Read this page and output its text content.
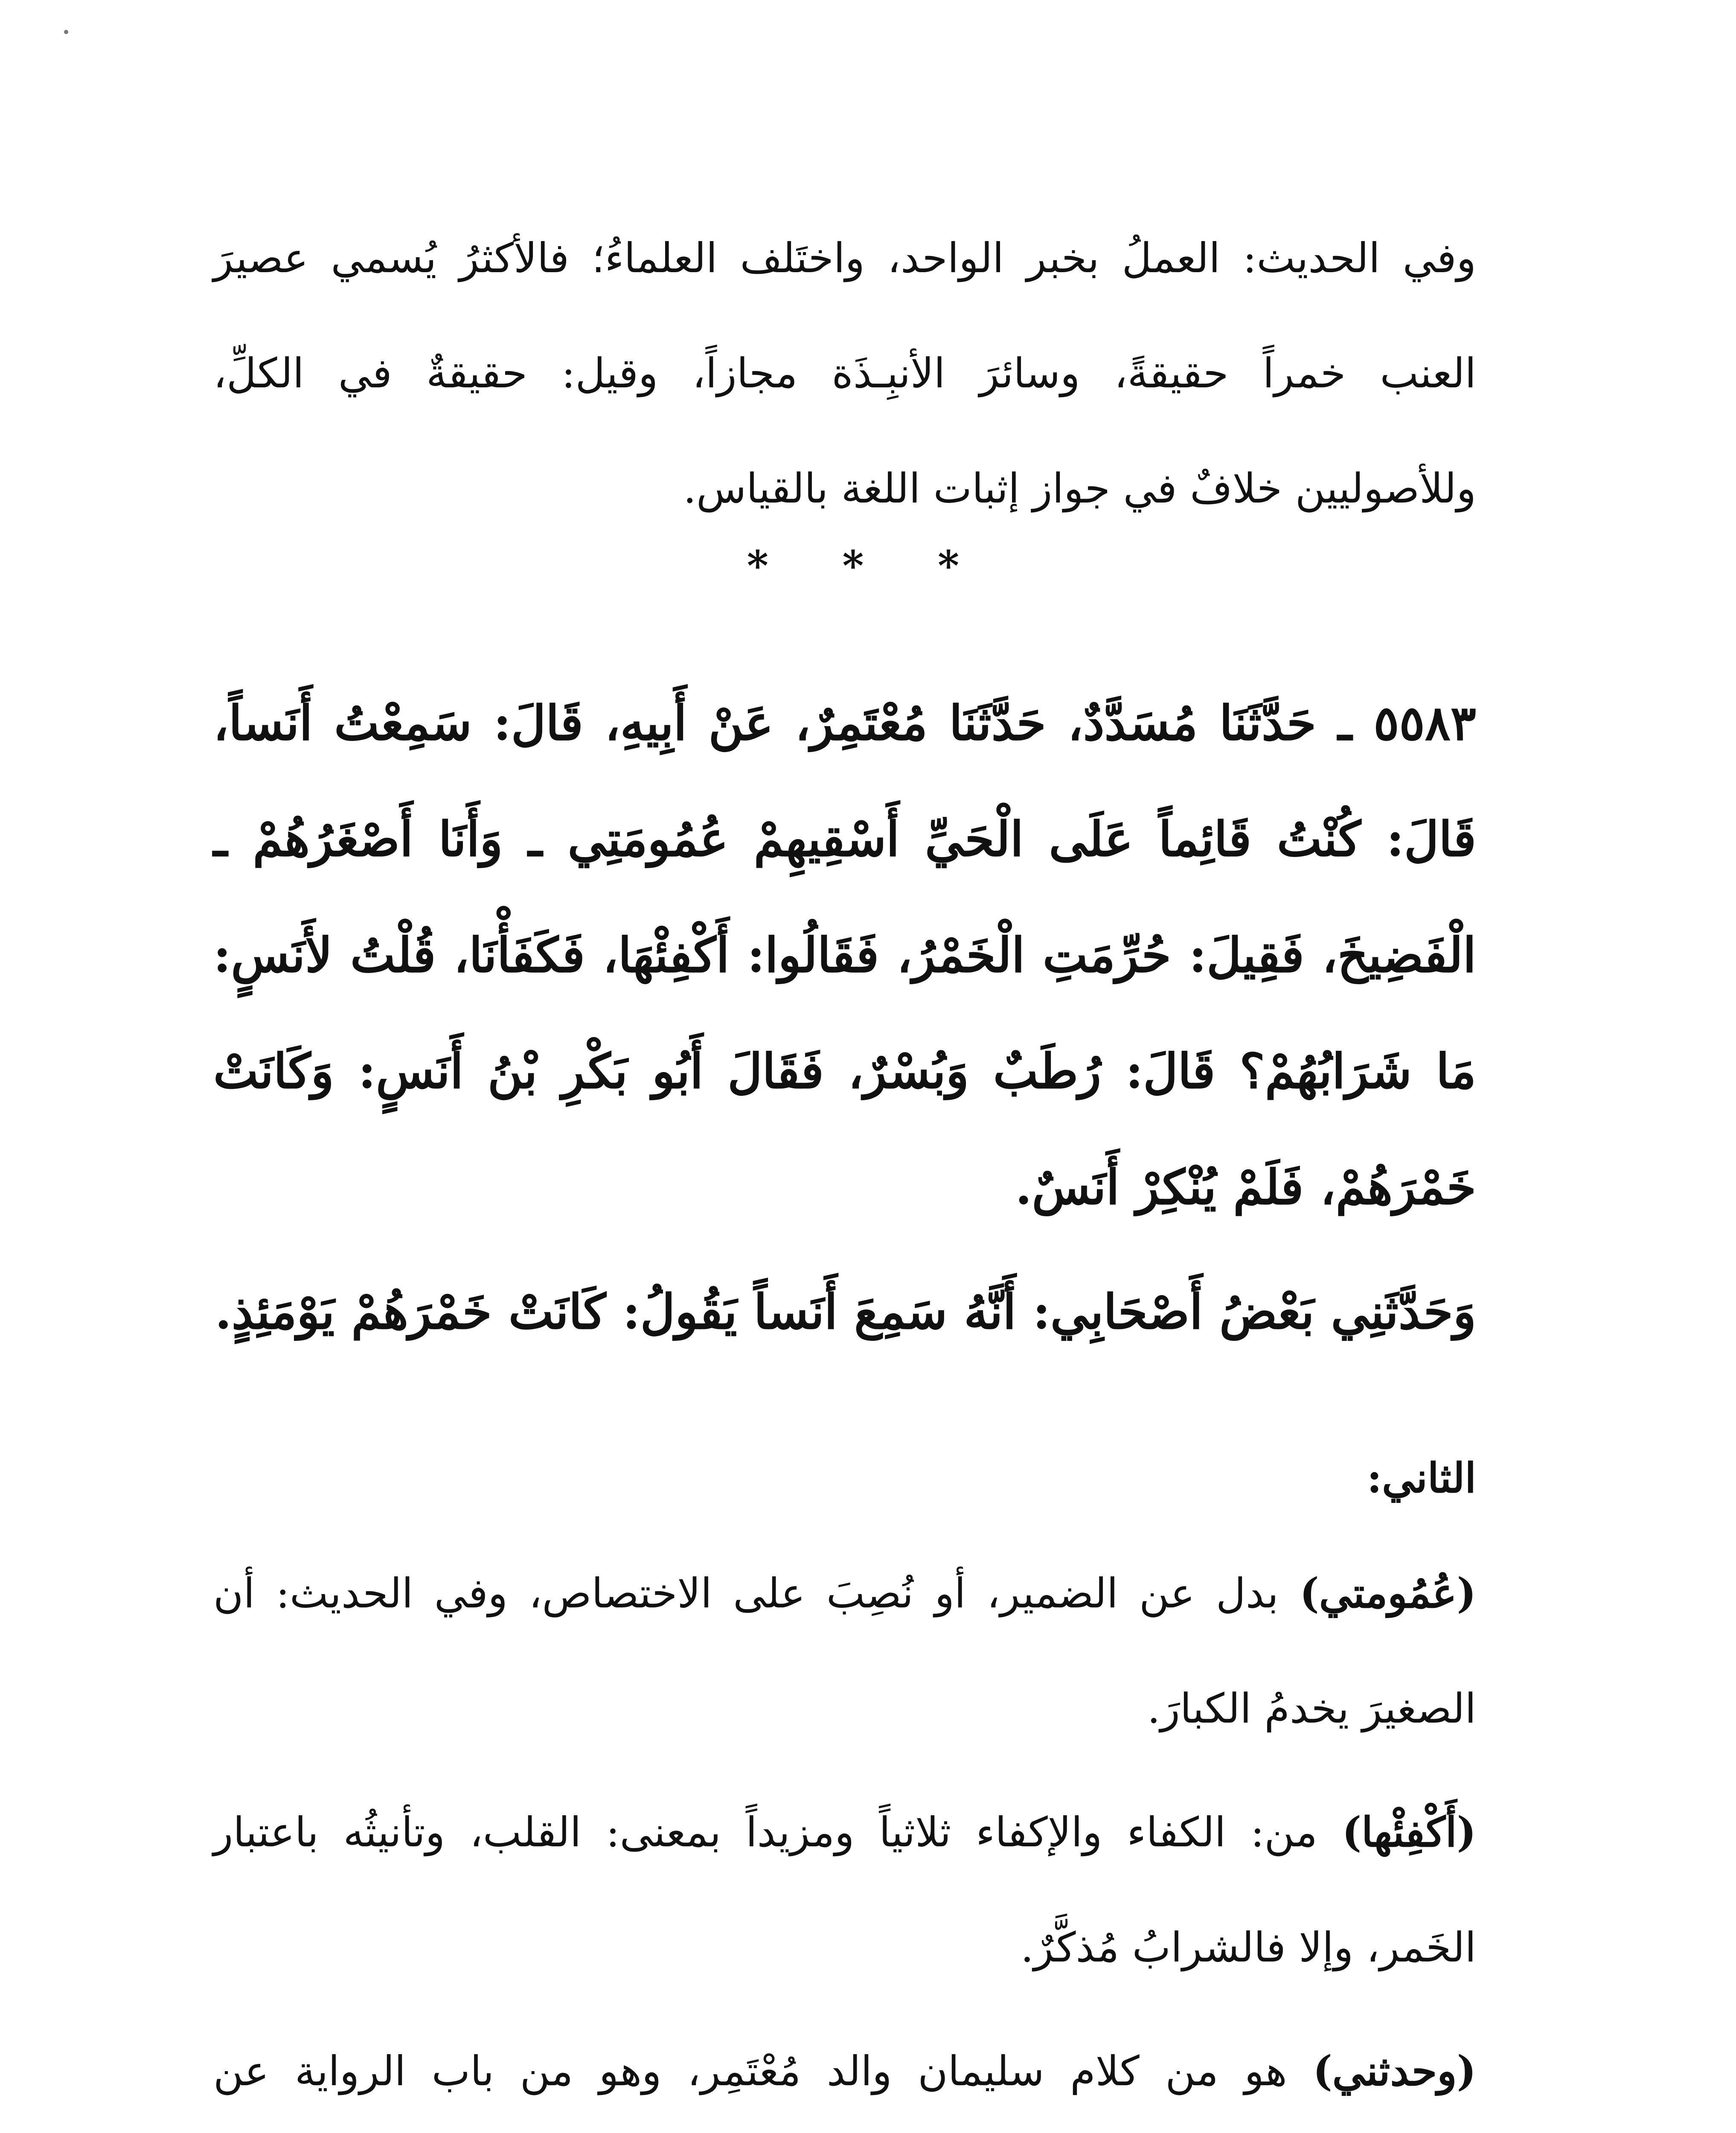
وفي الحديث: العملُ بخبر الواحد، واختَلف العلماءُ؛ فالأكثرُ يُسمي عصيرَ العنب خمراً حقيقةً، وسائرَ الأنبِـذَة مجازاً، وقيل: حقيقةٌ في الكلِّ، وللأصوليين خلافٌ في جواز إثبات اللغة بالقياس.

* * *

٥٥٨٣ ـ حَدَّثَنَا مُسَدَّدٌ، حَدَّثَنَا مُعْتَمِرٌ، عَنْ أَبِيهِ، قَالَ: سَمِعْتُ أَنَساً، قَالَ: كُنْتُ قَائِماً عَلَى الْحَيِّ أَسْقِيهِمْ عُمُومَتِي ـ وَأَنَا أَصْغَرُهُمْ ـ الْفَضِيخَ، فَقِيلَ: حُرِّمَتِ الْخَمْرُ، فَقَالُوا: أَكْفِئْهَا، فَكَفَأْنَا، قُلْتُ لأَنَسٍ: مَا شَرَابُهُمْ؟ قَالَ: رُطَبٌ وَبُسْرٌ، فَقَالَ أَبُو بَكْرِ بْنُ أَنَسٍ: وَكَانَتْ خَمْرَهُمْ، فَلَمْ يُنْكِرْ أَنَسٌ.

وَحَدَّثَنِي بَعْضُ أَصْحَابِي: أَنَّهُ سَمِعَ أَنَساً يَقُولُ: كَانَتْ خَمْرَهُمْ يَوْمَئِذٍ.

الثاني:

(عُمُومتي) بدل عن الضمير، أو نُصِبَ على الاختصاص، وفي الحديث: أن الصغيرَ يخدمُ الكبارَ.

(أَكْفِئْها) من: الكفاء والإكفاء ثلاثياً ومزيداً بمعنى: القلب، وتأنيثُه باعتبار الخَمر، وإلا فالشرابُ مُذكَّرٌ.

(وحدثني) هو من كلام سليمان والد مُعْتَمِر، وهو من باب الرواية عن
